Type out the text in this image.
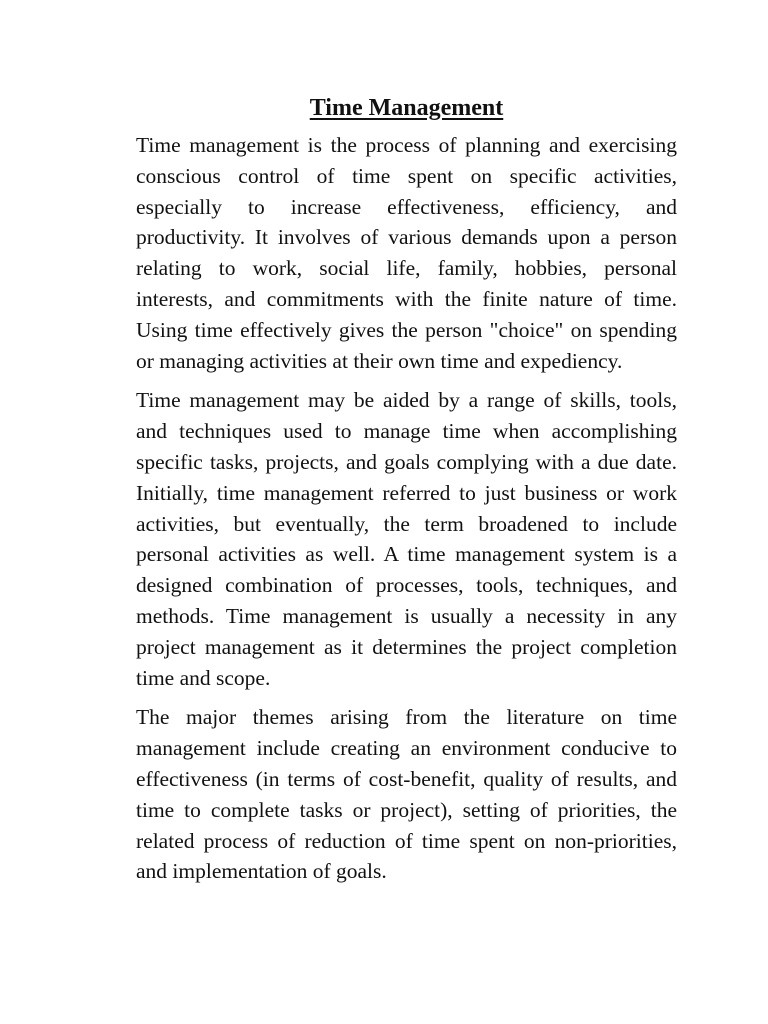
Time Management

Time management is the process of planning and exercising conscious control of time spent on specific activities, especially to increase effectiveness, efficiency, and productivity. It involves of various demands upon a person relating to work, social life, family, hobbies, personal interests, and commitments with the finite nature of time. Using time effectively gives the person "choice" on spending or managing activities at their own time and expediency.

Time management may be aided by a range of skills, tools, and techniques used to manage time when accomplishing specific tasks, projects, and goals complying with a due date. Initially, time management referred to just business or work activities, but eventually, the term broadened to include personal activities as well. A time management system is a designed combination of processes, tools, techniques, and methods. Time management is usually a necessity in any project management as it determines the project completion time and scope.

The major themes arising from the literature on time management include creating an environment conducive to effectiveness (in terms of cost-benefit, quality of results, and time to complete tasks or project), setting of priorities, the related process of reduction of time spent on non-priorities, and implementation of goals.
